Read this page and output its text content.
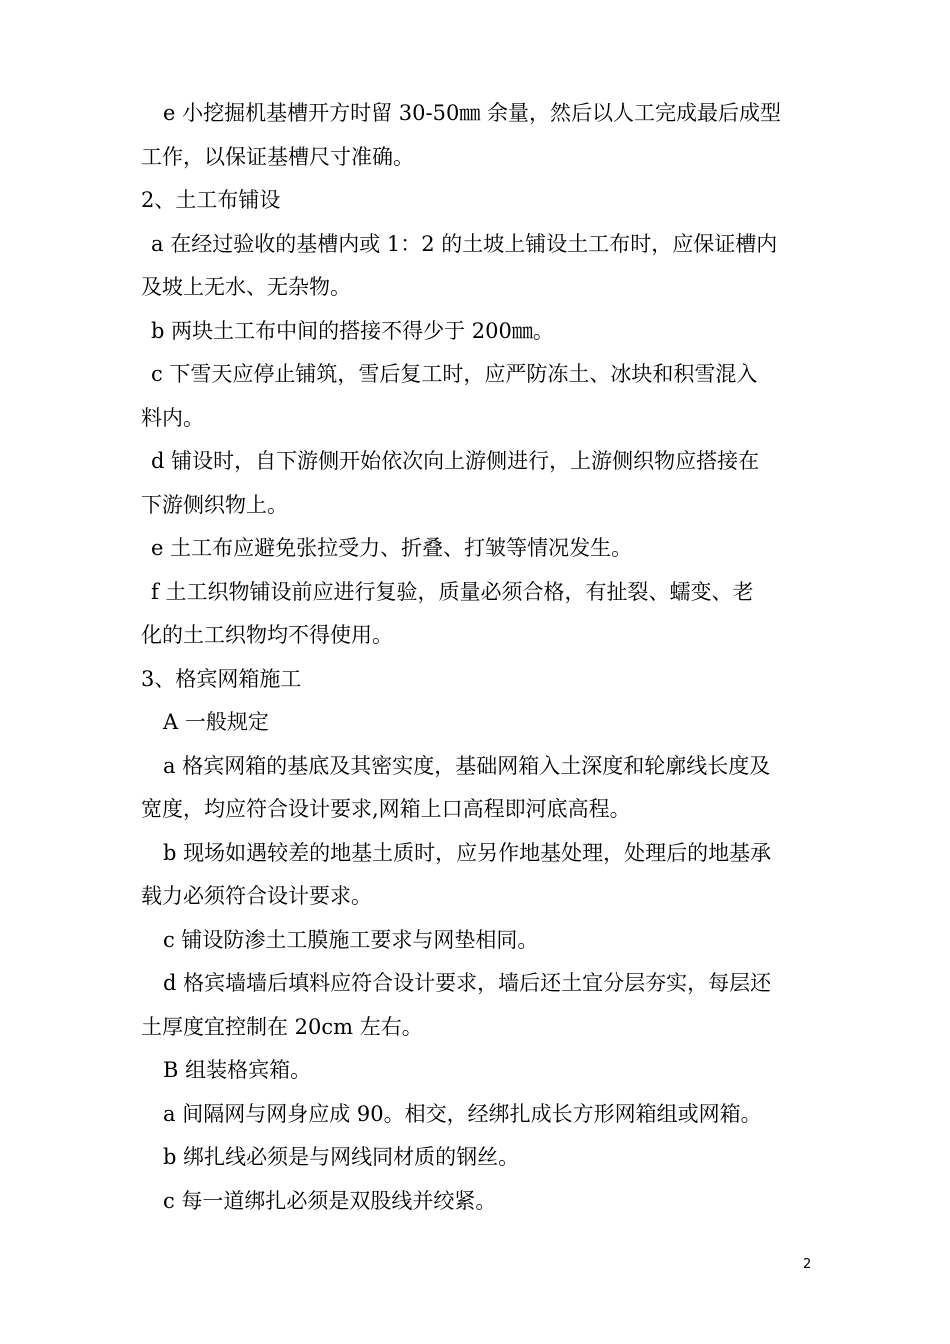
e 小挖掘机基槽开方时留 30-50㎜ 余量，然后以人工完成最后成型
工作，以保证基槽尺寸准确。
2、土工布铺设
a 在经过验收的基槽内或 1：2 的土坡上铺设土工布时，应保证槽内
及坡上无水、无杂物。
b 两块土工布中间的搭接不得少于 200㎜。
c 下雪天应停止铺筑，雪后复工时，应严防冻土、冰块和积雪混入
料内。
d 铺设时，自下游侧开始依次向上游侧进行，上游侧织物应搭接在
下游侧织物上。
e 土工布应避免张拉受力、折叠、打皱等情况发生。
f 土工织物铺设前应进行复验，质量必须合格，有扯裂、蠕变、老
化的土工织物均不得使用。
3、格宾网箱施工
A 一般规定
a 格宾网箱的基底及其密实度，基础网箱入土深度和轮廓线长度及
宽度，均应符合设计要求,网箱上口高程即河底高程。
b 现场如遇较差的地基土质时，应另作地基处理，处理后的地基承
载力必须符合设计要求。
c 铺设防渗土工膜施工要求与网垫相同。
d 格宾墙墙后填料应符合设计要求，墙后还土宜分层夯实，每层还
土厚度宜控制在 20cm 左右。
B 组装格宾箱。
a 间隔网与网身应成 90。相交，经绑扎成长方形网箱组或网箱。
b 绑扎线必须是与网线同材质的钢丝。
c 每一道绑扎必须是双股线并绞紧。
2
